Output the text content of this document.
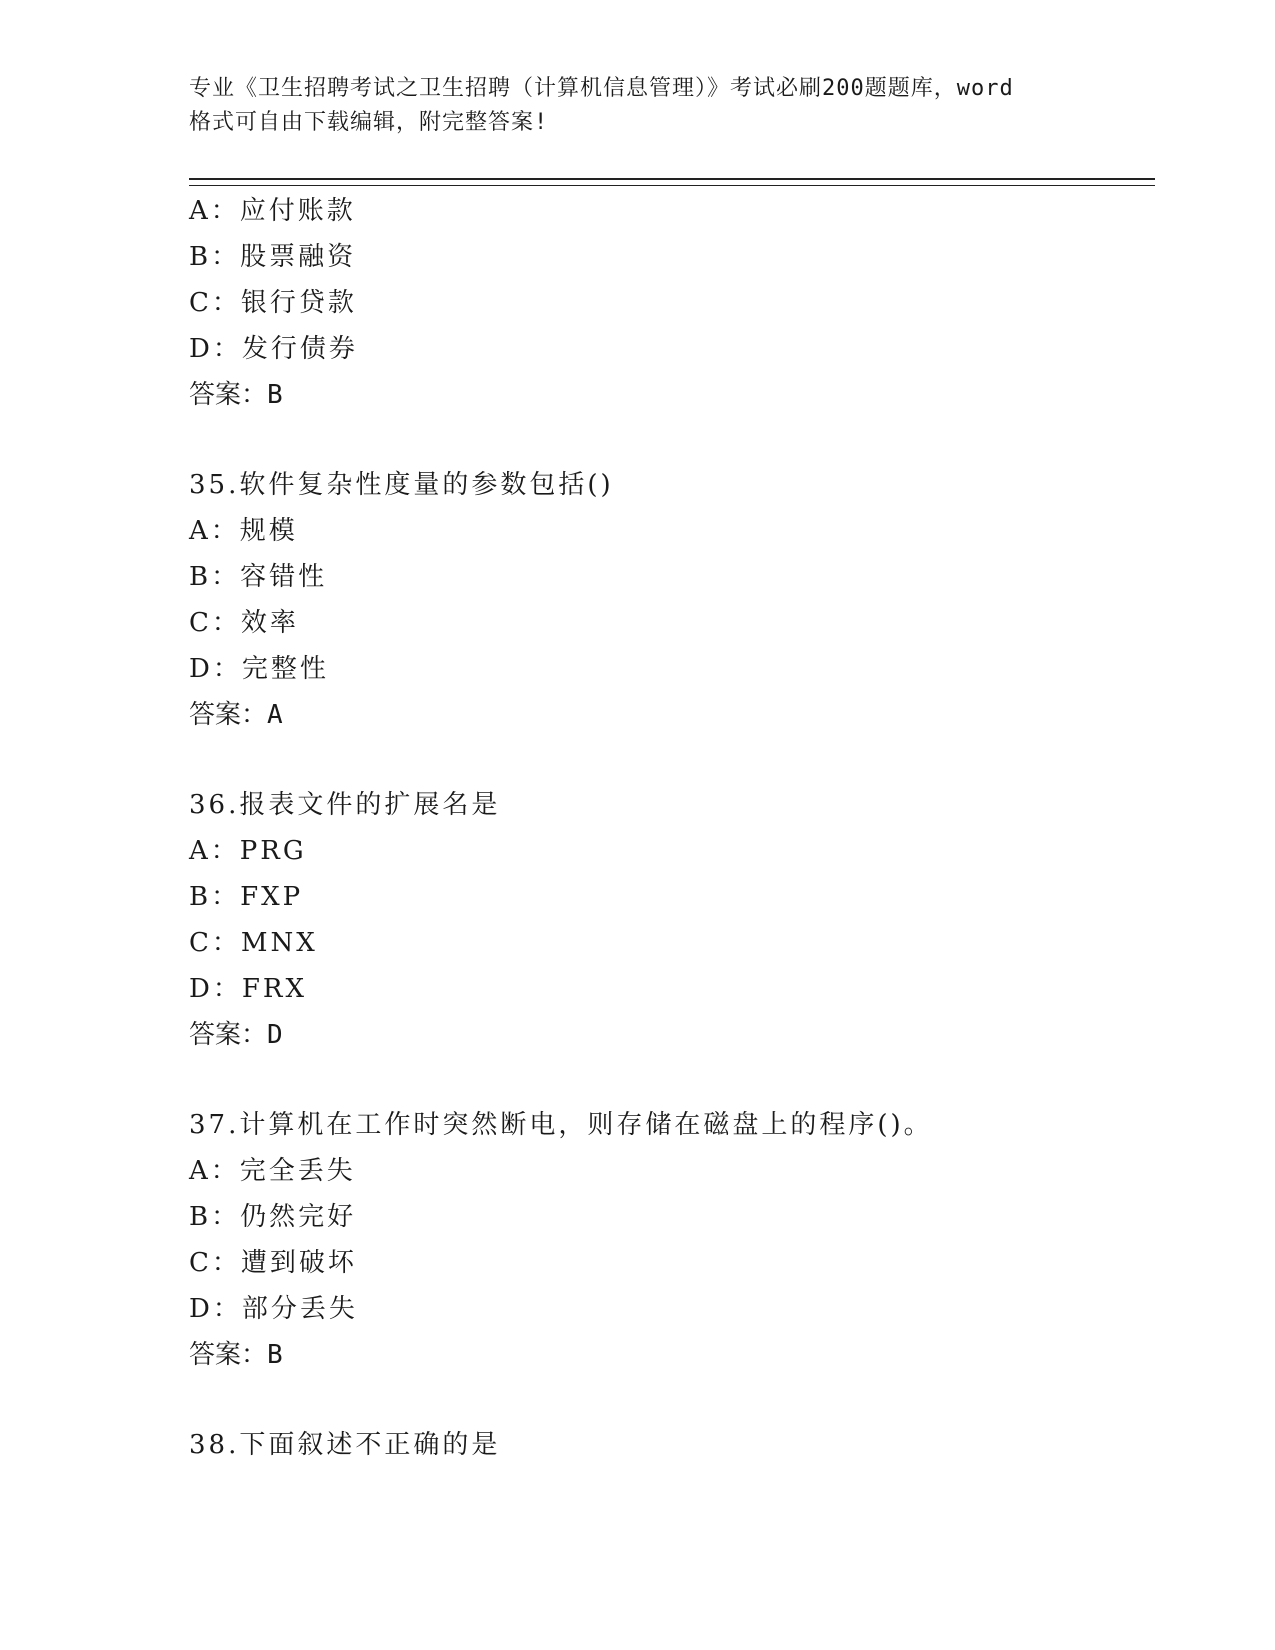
专业《卫生招聘考试之卫生招聘（计算机信息管理）》考试必刷200题题库，word
格式可自由下载编辑，附完整答案!
A：应付账款
B：股票融资
C：银行贷款
D：发行债券
答案：B
35.软件复杂性度量的参数包括()
A：规模
B：容错性
C：效率
D：完整性
答案：A
36.报表文件的扩展名是
A：PRG
B：FXP
C：MNX
D：FRX
答案：D
37.计算机在工作时突然断电，则存储在磁盘上的程序()。
A：完全丢失
B：仍然完好
C：遭到破坏
D：部分丢失
答案：B
38.下面叙述不正确的是
